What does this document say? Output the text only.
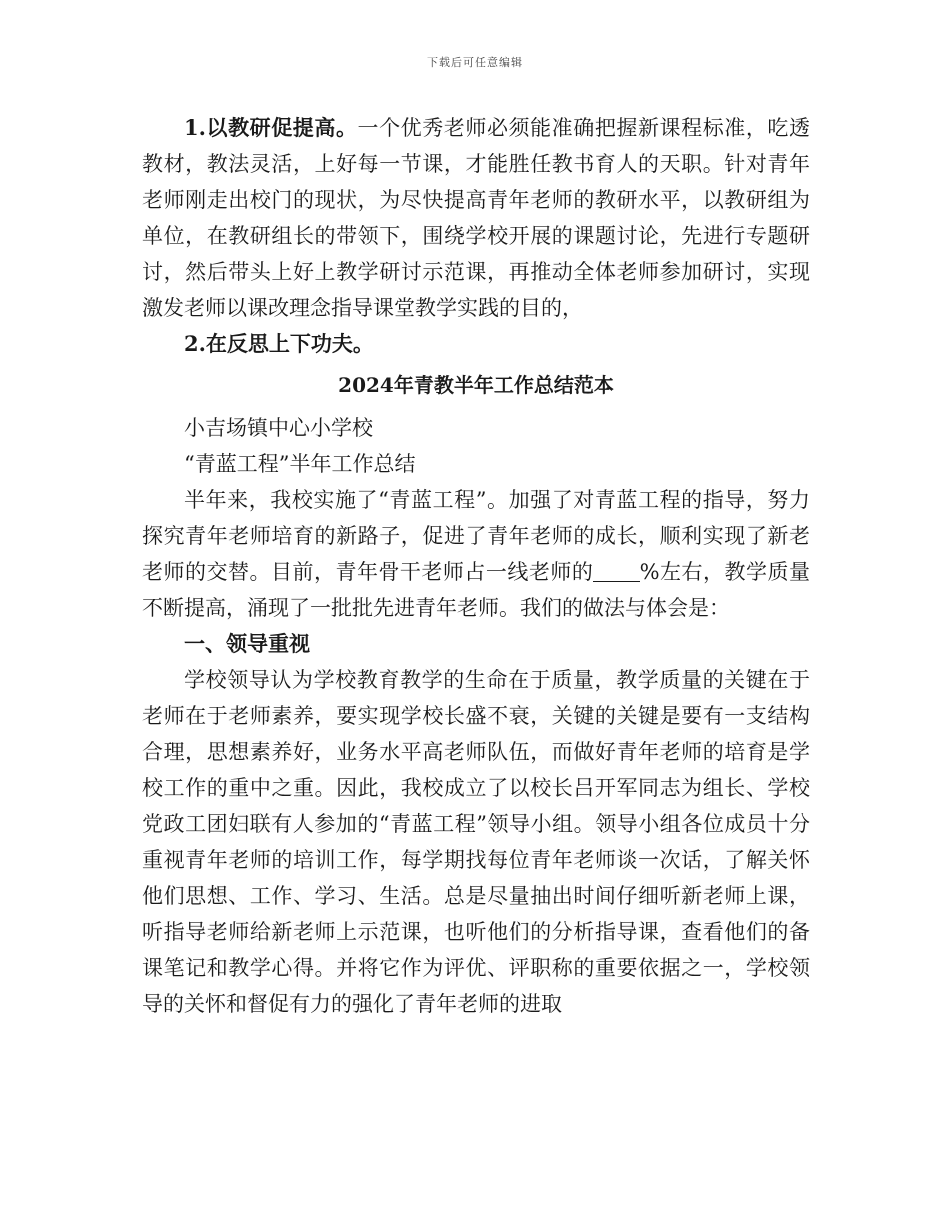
下载后可任意编辑

1.以教研促提高。一个优秀老师必须能准确把握新课程标准，吃透教材，教法灵活，上好每一节课，才能胜任教书育人的天职。针对青年老师刚走出校门的现状，为尽快提高青年老师的教研水平，以教研组为单位，在教研组长的带领下，围绕学校开展的课题讨论，先进行专题研讨，然后带头上好上教学研讨示范课，再推动全体老师参加研讨，实现激发老师以课改理念指导课堂教学实践的目的，

2.在反思上下功夫。

2024年青教半年工作总结范本

小吉场镇中心小学校

“青蓝工程”半年工作总结

半年来，我校实施了“青蓝工程”。加强了对青蓝工程的指导，努力探究青年老师培育的新路子，促进了青年老师的成长，顺利实现了新老老师的交替。目前，青年骨干老师占一线老师的 %左右，教学质量不断提高，涌现了一批批先进青年老师。我们的做法与体会是：

一、领导重视

学校领导认为学校教育教学的生命在于质量，教学质量的关键在于老师在于老师素养，要实现学校长盛不衰，关键的关键是要有一支结构合理，思想素养好，业务水平高老师队伍，而做好青年老师的培育是学校工作的重中之重。因此，我校成立了以校长吕开军同志为组长、学校党政工团妇联有人参加的“青蓝工程”领导小组。领导小组各位成员十分重视青年老师的培训工作，每学期找每位青年老师谈一次话，了解关怀他们思想、工作、学习、生活。总是尽量抽出时间仔细听新老师上课，听指导老师给新老师上示范课，也听他们的分析指导课，查看他们的备课笔记和教学心得。并将它作为评优、评职称的重要依据之一，学校领导的关怀和督促有力的强化了青年老师的进取
